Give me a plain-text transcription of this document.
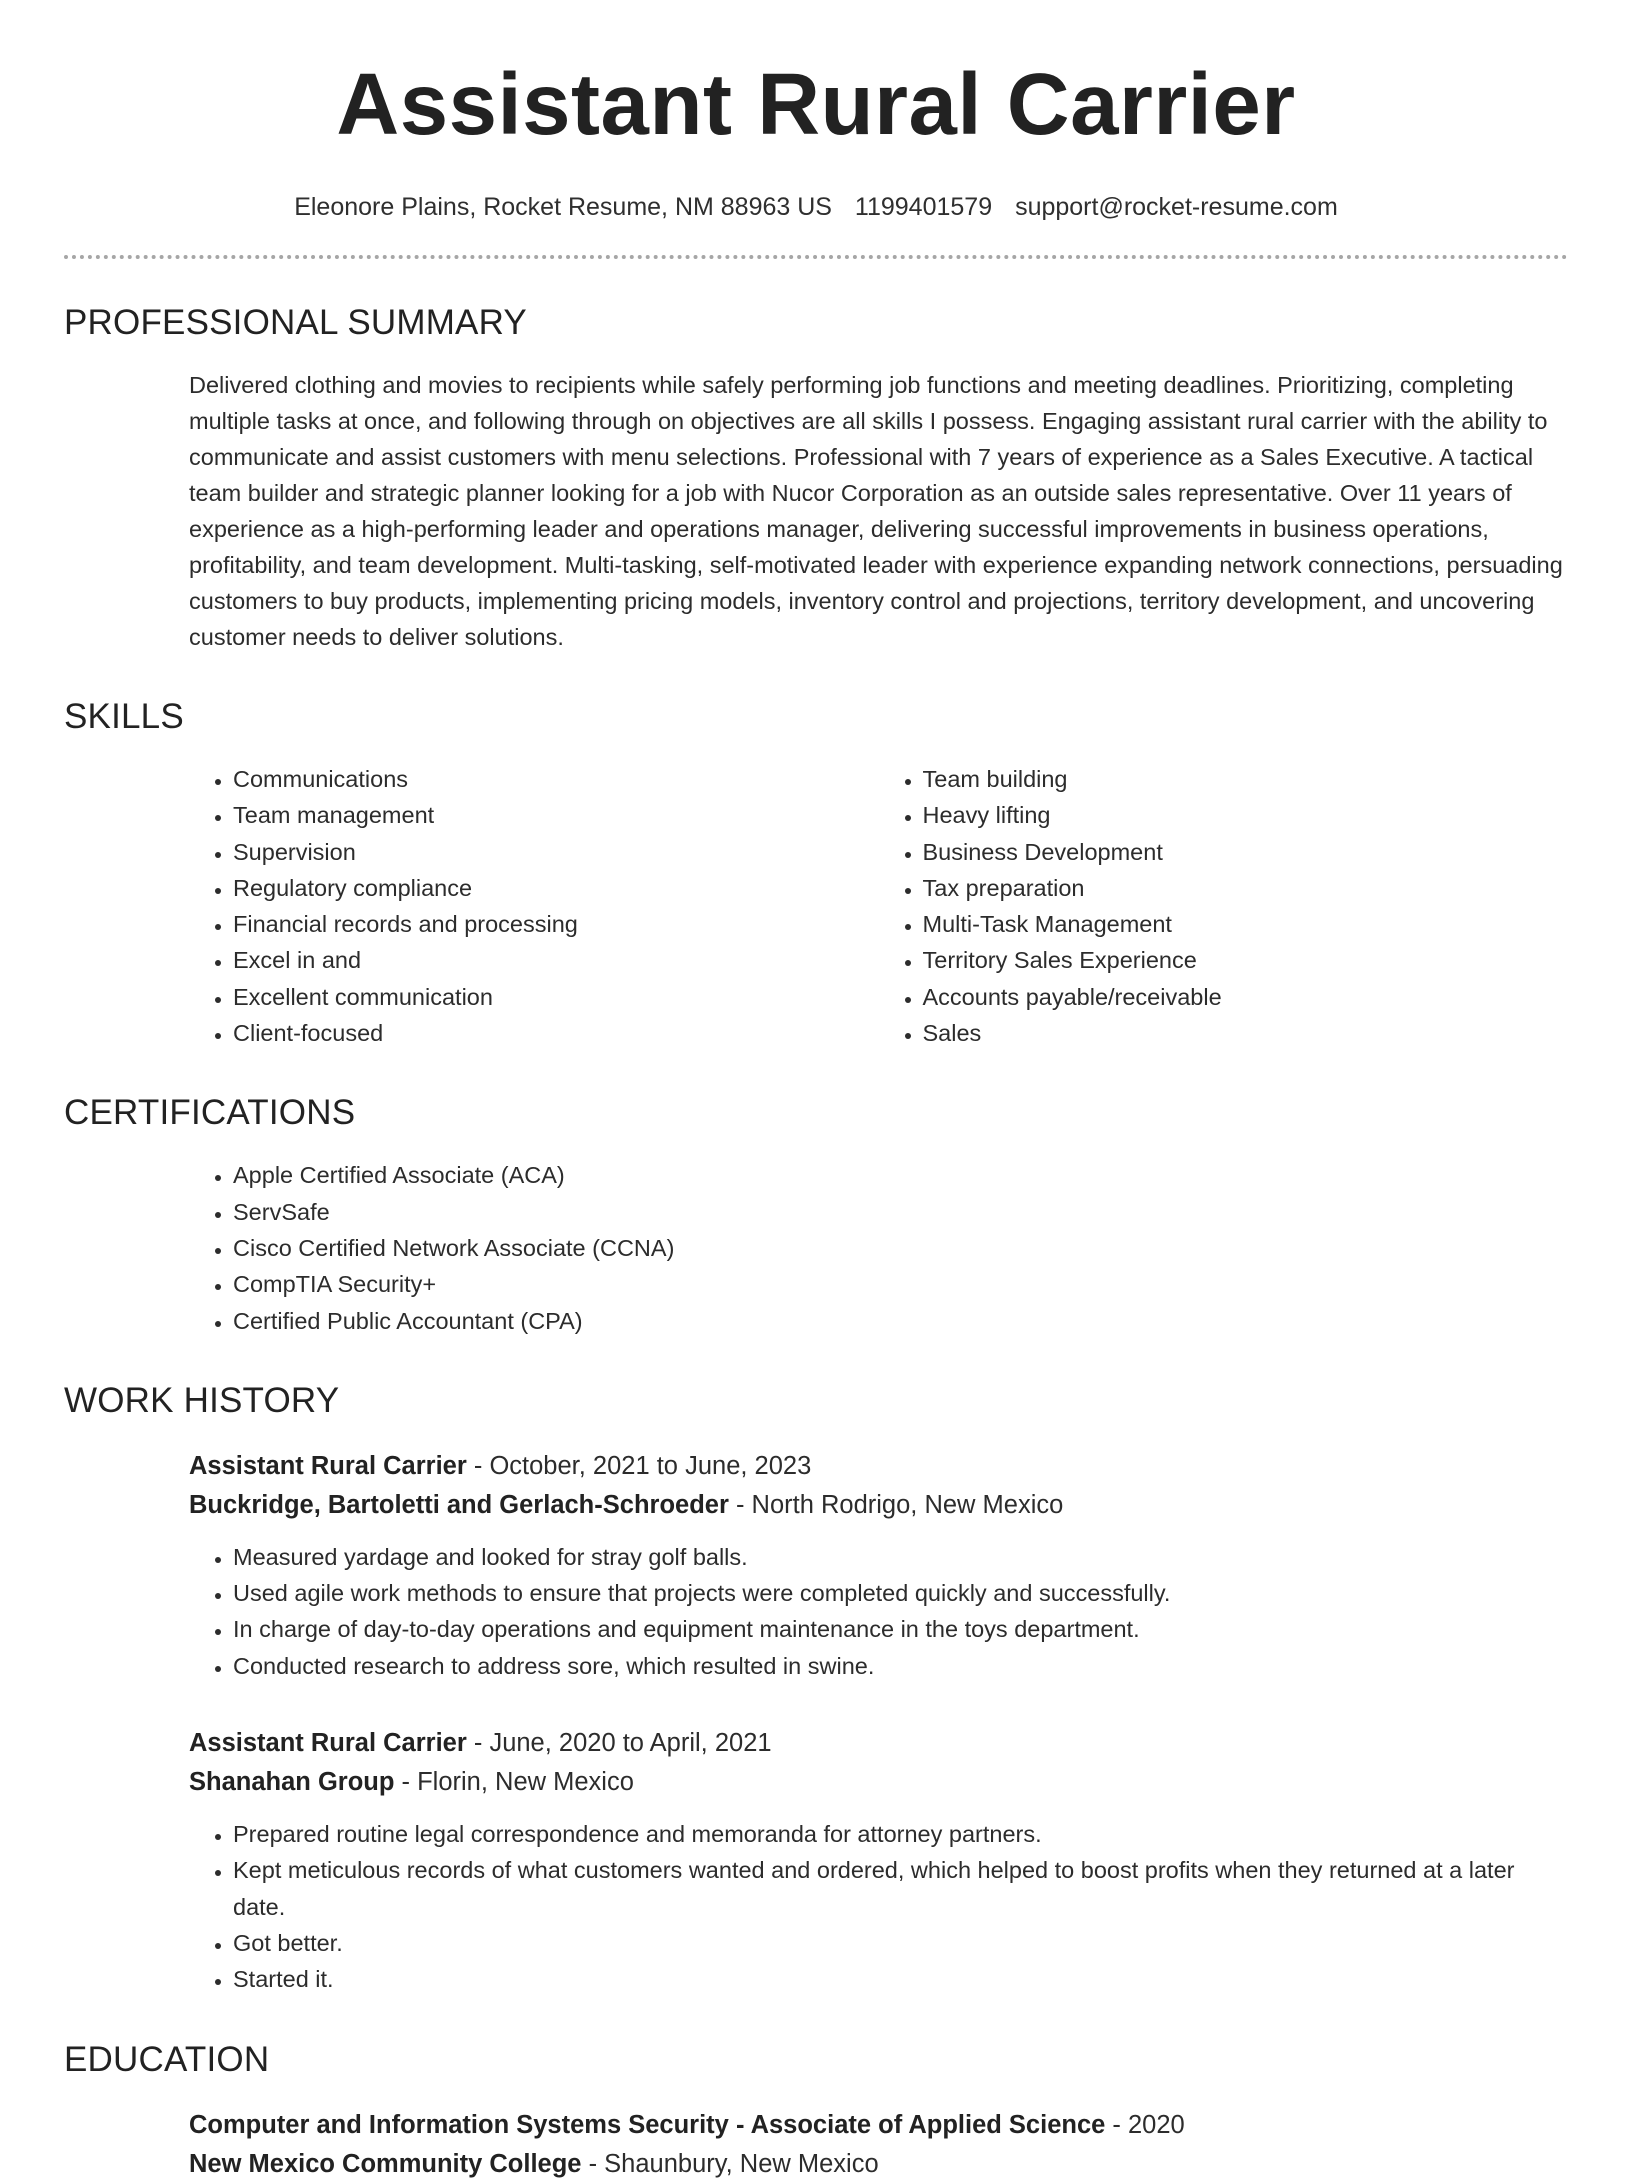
Assistant Rural Carrier
Eleonore Plains, Rocket Resume, NM 88963 US 1199401579 support@rocket-resume.com
PROFESSIONAL SUMMARY
Delivered clothing and movies to recipients while safely performing job functions and meeting deadlines. Prioritizing, completing multiple tasks at once, and following through on objectives are all skills I possess. Engaging assistant rural carrier with the ability to communicate and assist customers with menu selections. Professional with 7 years of experience as a Sales Executive. A tactical team builder and strategic planner looking for a job with Nucor Corporation as an outside sales representative. Over 11 years of experience as a high-performing leader and operations manager, delivering successful improvements in business operations, profitability, and team development. Multi-tasking, self-motivated leader with experience expanding network connections, persuading customers to buy products, implementing pricing models, inventory control and projections, territory development, and uncovering customer needs to deliver solutions.
SKILLS
• Communications
• Team management
• Supervision
• Regulatory compliance
• Financial records and processing
• Excel in and
• Excellent communication
• Client-focused
• Team building
• Heavy lifting
• Business Development
• Tax preparation
• Multi-Task Management
• Territory Sales Experience
• Accounts payable/receivable
• Sales
CERTIFICATIONS
• Apple Certified Associate (ACA)
• ServSafe
• Cisco Certified Network Associate (CCNA)
• CompTIA Security+
• Certified Public Accountant (CPA)
WORK HISTORY
Assistant Rural Carrier - October, 2021 to June, 2023
Buckridge, Bartoletti and Gerlach-Schroeder - North Rodrigo, New Mexico
• Measured yardage and looked for stray golf balls.
• Used agile work methods to ensure that projects were completed quickly and successfully.
• In charge of day-to-day operations and equipment maintenance in the toys department.
• Conducted research to address sore, which resulted in swine.
Assistant Rural Carrier - June, 2020 to April, 2021
Shanahan Group - Florin, New Mexico
• Prepared routine legal correspondence and memoranda for attorney partners.
• Kept meticulous records of what customers wanted and ordered, which helped to boost profits when they returned at a later date.
• Got better.
• Started it.
EDUCATION
Computer and Information Systems Security - Associate of Applied Science - 2020
New Mexico Community College - Shaunbury, New Mexico
